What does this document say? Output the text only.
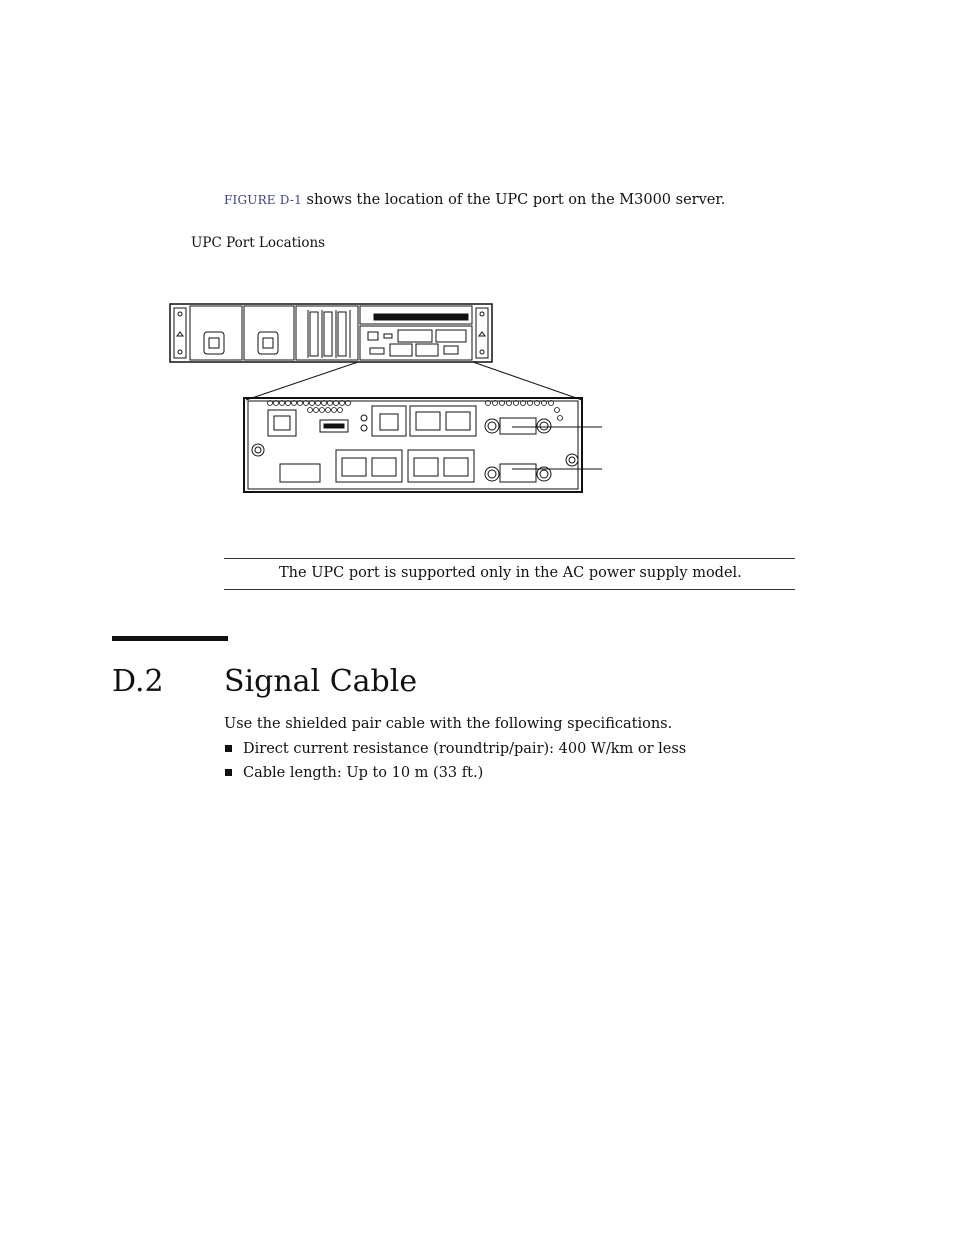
FIGURE D-1 shows the location of the UPC port on the M3000 server.
UPC Port Locations
The UPC port is supported only in the AC power supply model.
D.2 Signal Cable
Use the shielded pair cable with the following specifications.
Direct current resistance (roundtrip/pair): 400 W/km or less
Cable length: Up to 10 m (33 ft.)
